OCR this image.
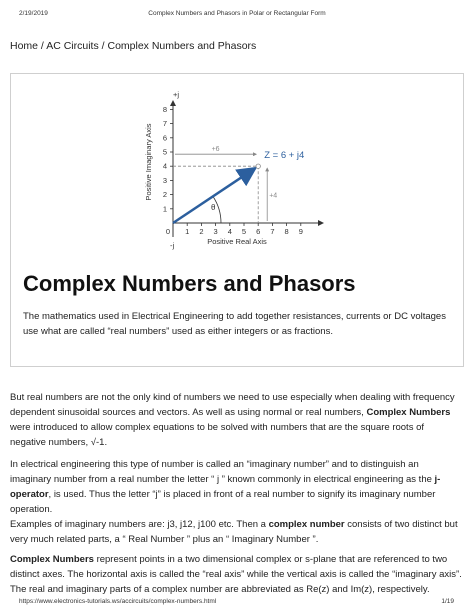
2/19/2019	Complex Numbers and Phasors in Polar or Rectangular Form
Home / AC Circuits / Complex Numbers and Phasors
0 1 2 3 4 5 6 7 8 9
1
2
3
4
5
6
7
8
Positive Imaginary Axis
Positive Real Axis
+j
-j
Z = 6 + j4
+6
+4
θ
Complex Numbers and Phasors

The mathematics used in Electrical Engineering to add together resistances, currents or DC voltages use what are called “real numbers” used as either integers or as fractions.

But real numbers are not the only kind of numbers we need to use especially when dealing with frequency dependent sinusoidal sources and vectors. As well as using normal or real numbers, Complex Numbers were introduced to allow complex equations to be solved with numbers that are the square roots of negative numbers, √-1.

In electrical engineering this type of number is called an “imaginary number” and to distinguish an imaginary number from a real number the letter “ j ” known commonly in electrical engineering as the j-operator, is used. Thus the letter “j” is placed in front of a real number to signify its imaginary number operation.

Examples of imaginary numbers are: j3, j12, j100 etc. Then a complex number consists of two distinct but very much related parts, a “ Real Number ” plus an “ Imaginary Number ”.

Complex Numbers represent points in a two dimensional complex or s-plane that are referenced to two distinct axes. The horizontal axis is called the “real axis” while the vertical axis is called the “imaginary axis”. The real and imaginary parts of a complex number are abbreviated as Re(z) and Im(z), respectively.

https://www.electronics-tutorials.ws/accircuits/complex-numbers.html	1/19
